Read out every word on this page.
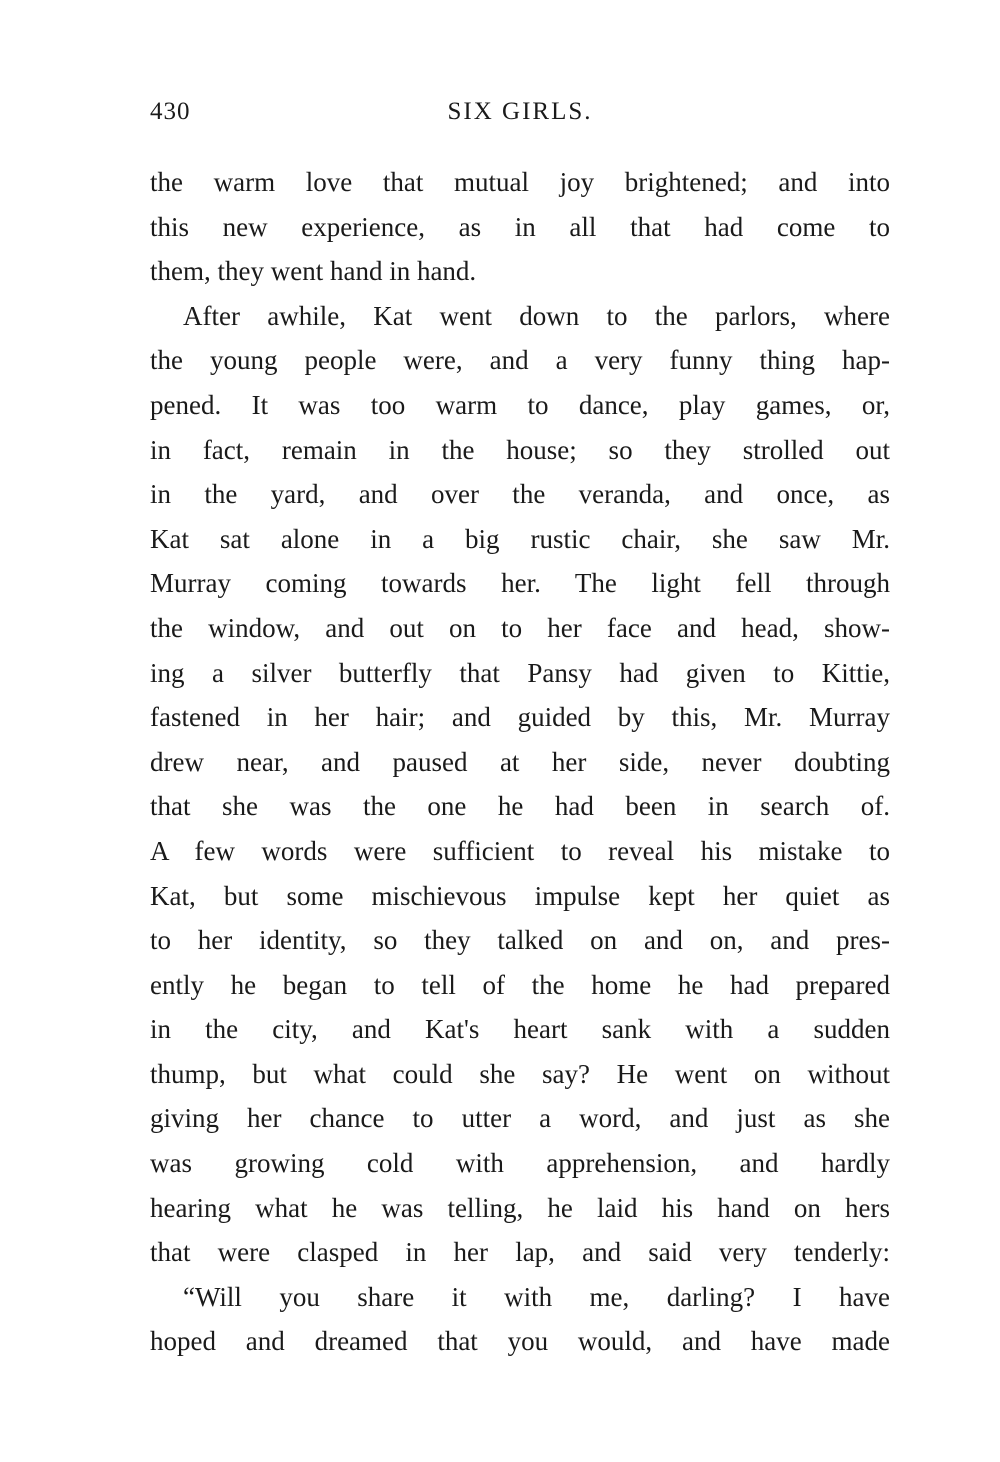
430	SIX GIRLS.
the warm love that mutual joy brightened; and into
this new experience, as in all that had come to
them, they went hand in hand.
After awhile, Kat went down to the parlors, where
the young people were, and a very funny thing hap-
pened. It was too warm to dance, play games, or,
in fact, remain in the house; so they strolled out
in the yard, and over the veranda, and once, as
Kat sat alone in a big rustic chair, she saw Mr.
Murray coming towards her. The light fell through
the window, and out on to her face and head, show-
ing a silver butterfly that Pansy had given to Kittie,
fastened in her hair; and guided by this, Mr. Murray
drew near, and paused at her side, never doubting
that she was the one he had been in search of.
A few words were sufficient to reveal his mistake to
Kat, but some mischievous impulse kept her quiet as
to her identity, so they talked on and on, and pres-
ently he began to tell of the home he had prepared
in the city, and Kat's heart sank with a sudden
thump, but what could she say? He went on without
giving her chance to utter a word, and just as she
was growing cold with apprehension, and hardly
hearing what he was telling, he laid his hand on hers
that were clasped in her lap, and said very tenderly:
“Will you share it with me, darling? I have
hoped and dreamed that you would, and have made
